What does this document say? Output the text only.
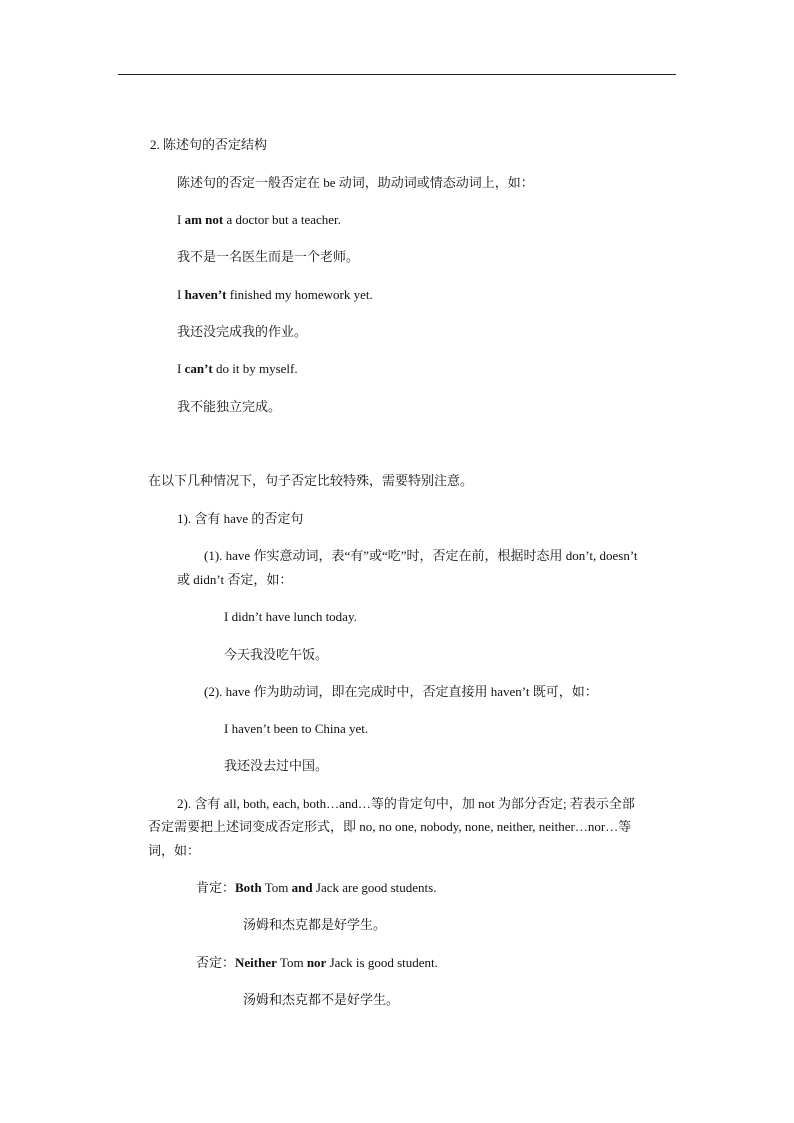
2. 陈述句的否定结构
陈述句的否定一般否定在 be 动词，助动词或情态动词上，如：
I am not a doctor but a teacher.
我不是一名医生而是一个老师。
I haven’t finished my homework yet.
我还没完成我的作业。
I can’t do it by myself.
我不能独立完成。
在以下几种情况下，句子否定比较特殊，需要特别注意。
1). 含有 have 的否定句
(1). have 作实意动词，表“有”或“吃”时，否定在前，根据时态用 don’t, doesn’t
或 didn’t 否定，如：
I didn’t have lunch today.
今天我没吃午饭。
(2). have 作为助动词，即在完成时中，否定直接用 haven’t 既可，如：
I haven’t been to China yet.
我还没去过中国。
2). 含有 all, both, each, both…and…等的肯定句中，加 not 为部分否定; 若表示全部
否定需要把上述词变成否定形式，即 no, no one, nobody, none, neither, neither…nor…等
词，如：
肯定：Both Tom and Jack are good students.
汤姆和杰克都是好学生。
否定：Neither Tom nor Jack is good student.
汤姆和杰克都不是好学生。
